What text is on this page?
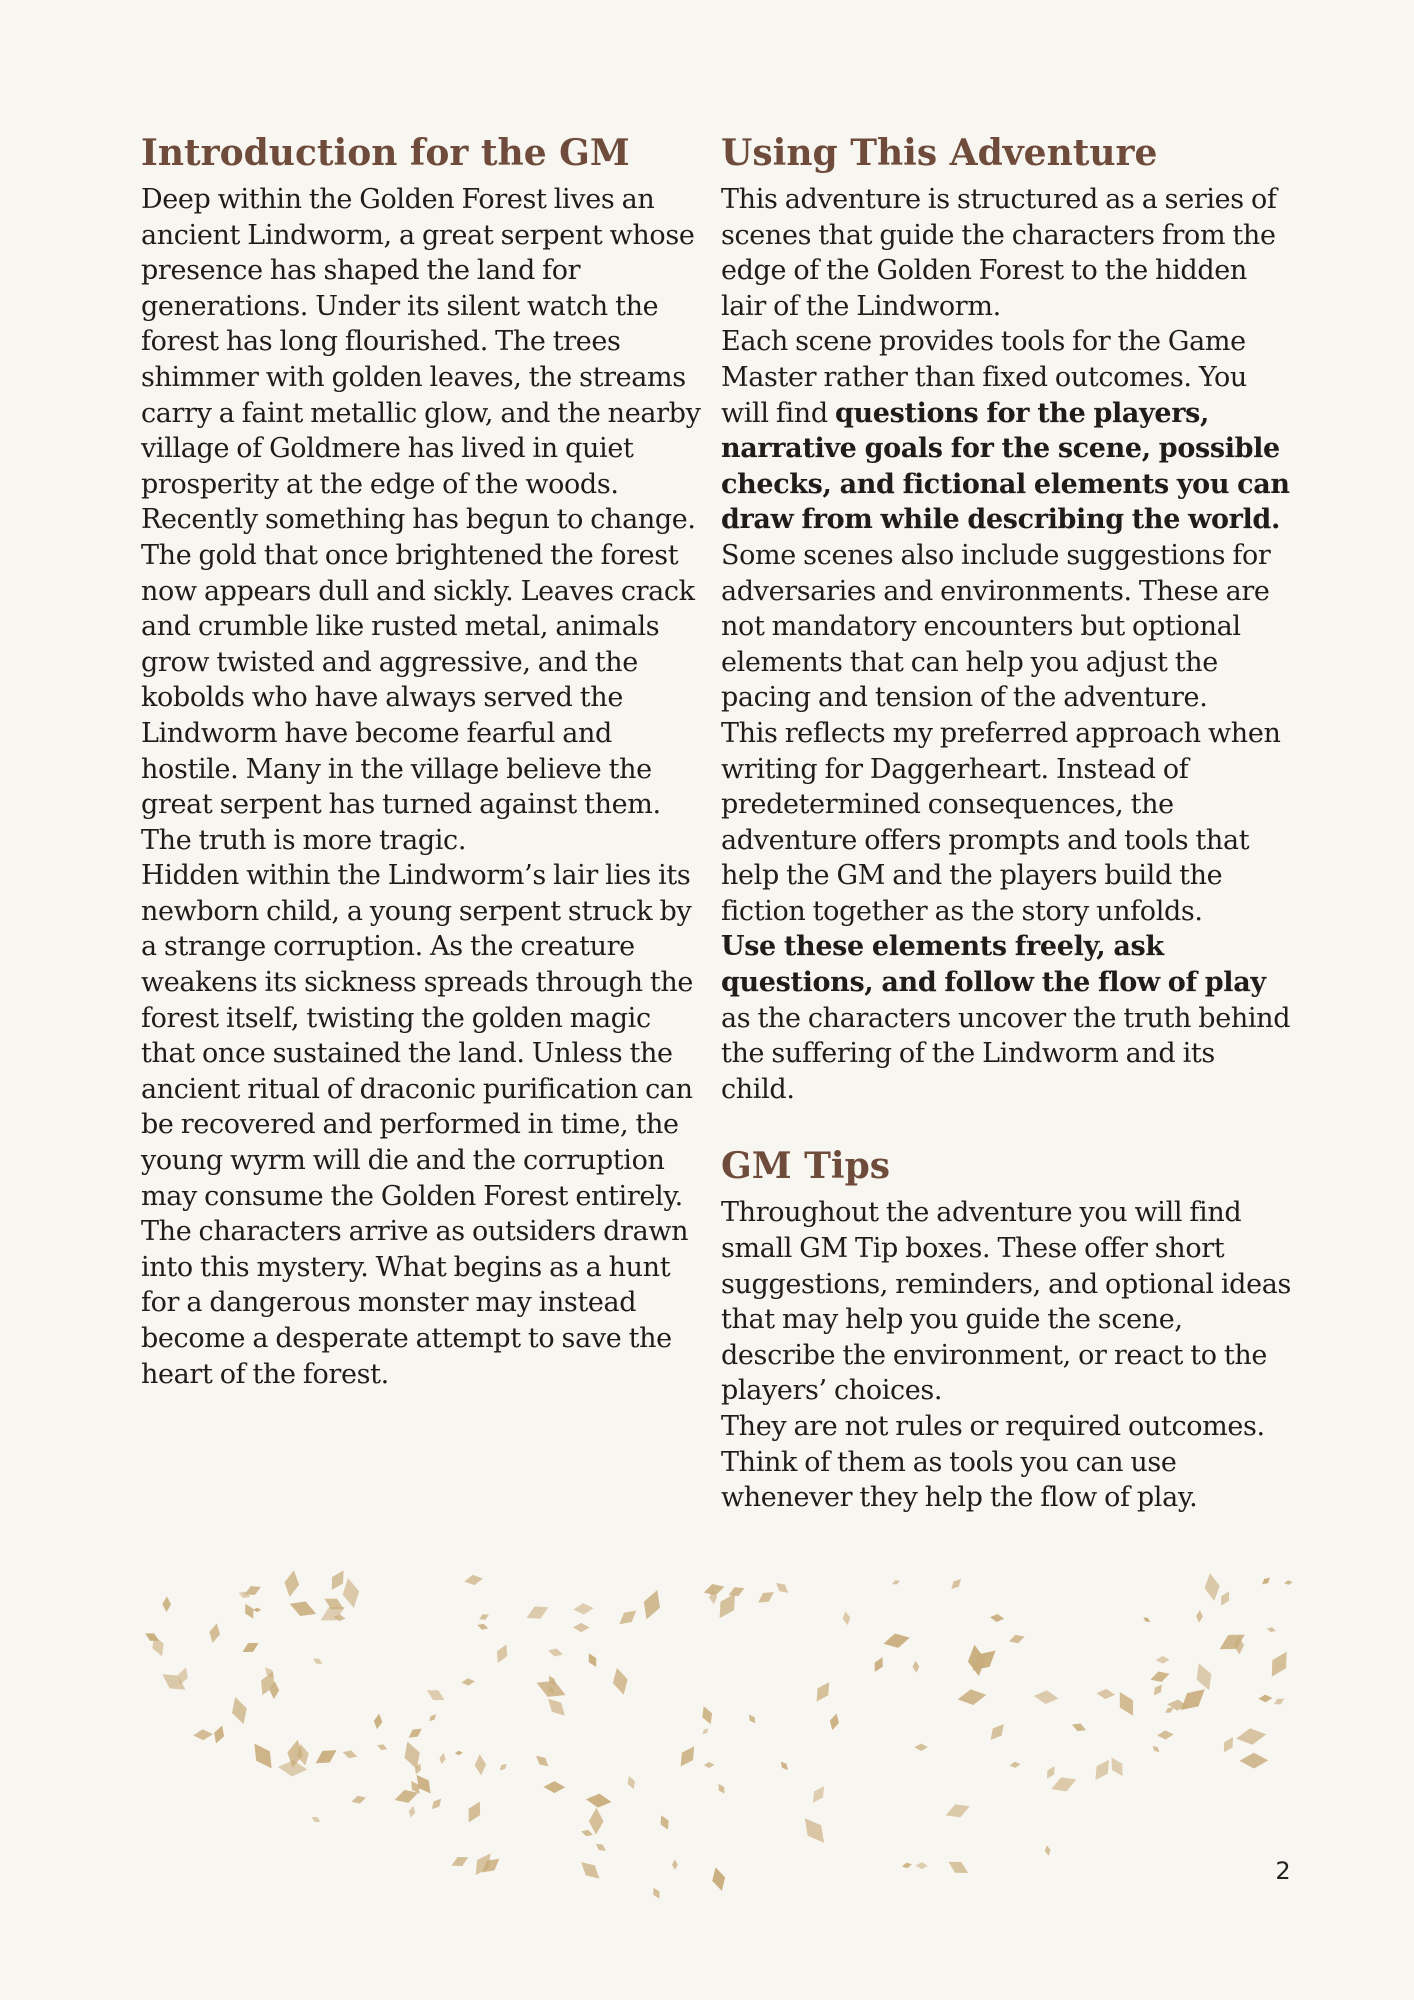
Introduction for the GM

Deep within the Golden Forest lives an ancient Lindworm, a great serpent whose presence has shaped the land for generations. Under its silent watch the forest has long flourished. The trees shimmer with golden leaves, the streams carry a faint metallic glow, and the nearby village of Goldmere has lived in quiet prosperity at the edge of the woods.

Recently something has begun to change.

The gold that once brightened the forest now appears dull and sickly. Leaves crack and crumble like rusted metal, animals grow twisted and aggressive, and the kobolds who have always served the Lindworm have become fearful and hostile. Many in the village believe the great serpent has turned against them.

The truth is more tragic.

Hidden within the Lindworm’s lair lies its newborn child, a young serpent struck by a strange corruption. As the creature weakens its sickness spreads through the forest itself, twisting the golden magic that once sustained the land. Unless the ancient ritual of draconic purification can be recovered and performed in time, the young wyrm will die and the corruption may consume the Golden Forest entirely.

The characters arrive as outsiders drawn into this mystery. What begins as a hunt for a dangerous monster may instead become a desperate attempt to save the heart of the forest.

Using This Adventure

This adventure is structured as a series of scenes that guide the characters from the edge of the Golden Forest to the hidden lair of the Lindworm.

Each scene provides tools for the Game Master rather than fixed outcomes. You will find questions for the players, narrative goals for the scene, possible checks, and fictional elements you can draw from while describing the world.

Some scenes also include suggestions for adversaries and environments. These are not mandatory encounters but optional elements that can help you adjust the pacing and tension of the adventure.

This reflects my preferred approach when writing for Daggerheart. Instead of predetermined consequences, the adventure offers prompts and tools that help the GM and the players build the fiction together as the story unfolds.

Use these elements freely, ask questions, and follow the flow of play as the characters uncover the truth behind the suffering of the Lindworm and its child.

GM Tips

Throughout the adventure you will find small GM Tip boxes. These offer short suggestions, reminders, and optional ideas that may help you guide the scene, describe the environment, or react to the players’ choices.

They are not rules or required outcomes. Think of them as tools you can use whenever they help the flow of play.

2
